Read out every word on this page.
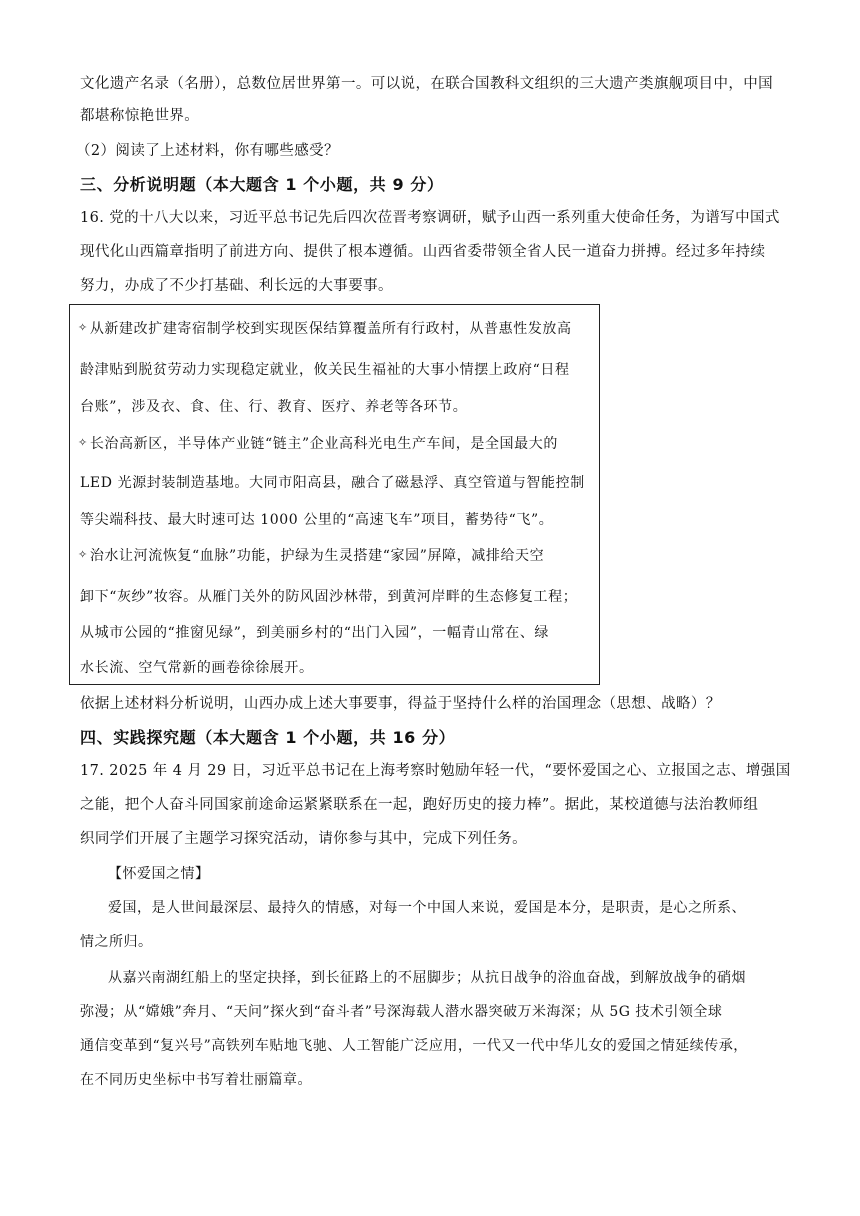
文化遗产名录（名册），总数位居世界第一。可以说，在联合国教科文组织的三大遗产类旗舰项目中，中国
都堪称惊艳世界。
（2）阅读了上述材料，你有哪些感受？
三、分析说明题（本大题含 1 个小题，共 9 分）
16. 党的十八大以来，习近平总书记先后四次莅晋考察调研，赋予山西一系列重大使命任务，为谱写中国式
现代化山西篇章指明了前进方向、提供了根本遵循。山西省委带领全省人民一道奋力拼搏。经过多年持续
努力，办成了不少打基础、利长远的大事要事。
✧ 从新建改扩建寄宿制学校到实现医保结算覆盖所有行政村，从普惠性发放高
龄津贴到脱贫劳动力实现稳定就业，攸关民生福祉的大事小情摆上政府“日程
台账”，涉及衣、食、住、行、教育、医疗、养老等各环节。
✧ 长治高新区，半导体产业链“链主”企业高科光电生产车间，是全国最大的
LED 光源封装制造基地。大同市阳高县，融合了磁悬浮、真空管道与智能控制
等尖端科技、最大时速可达 1000 公里的“高速飞车”项目，蓄势待“飞”。
✧ 治水让河流恢复“血脉”功能，护绿为生灵搭建“家园”屏障，减排给天空
卸下“灰纱”妆容。从雁门关外的防风固沙林带，到黄河岸畔的生态修复工程；
从城市公园的“推窗见绿”，到美丽乡村的“出门入园”，一幅青山常在、绿
水长流、空气常新的画卷徐徐展开。
依据上述材料分析说明，山西办成上述大事要事，得益于坚持什么样的治国理念（思想、战略）？
四、实践探究题（本大题含 1 个小题，共 16 分）
17. 2025 年 4 月 29 日，习近平总书记在上海考察时勉励年轻一代，“要怀爱国之心、立报国之志、增强国
之能，把个人奋斗同国家前途命运紧紧联系在一起，跑好历史的接力棒”。据此，某校道德与法治教师组
织同学们开展了主题学习探究活动，请你参与其中，完成下列任务。
【怀爱国之情】
爱国，是人世间最深层、最持久的情感，对每一个中国人来说，爱国是本分，是职责，是心之所系、
情之所归。
从嘉兴南湖红船上的坚定抉择，到长征路上的不屈脚步；从抗日战争的浴血奋战，到解放战争的硝烟
弥漫；从“嫦娥”奔月、“天问”探火到“奋斗者”号深海载人潜水器突破万米海深；从 5G 技术引领全球
通信变革到“复兴号”高铁列车贴地飞驰、人工智能广泛应用，一代又一代中华儿女的爱国之情延续传承，
在不同历史坐标中书写着壮丽篇章。
